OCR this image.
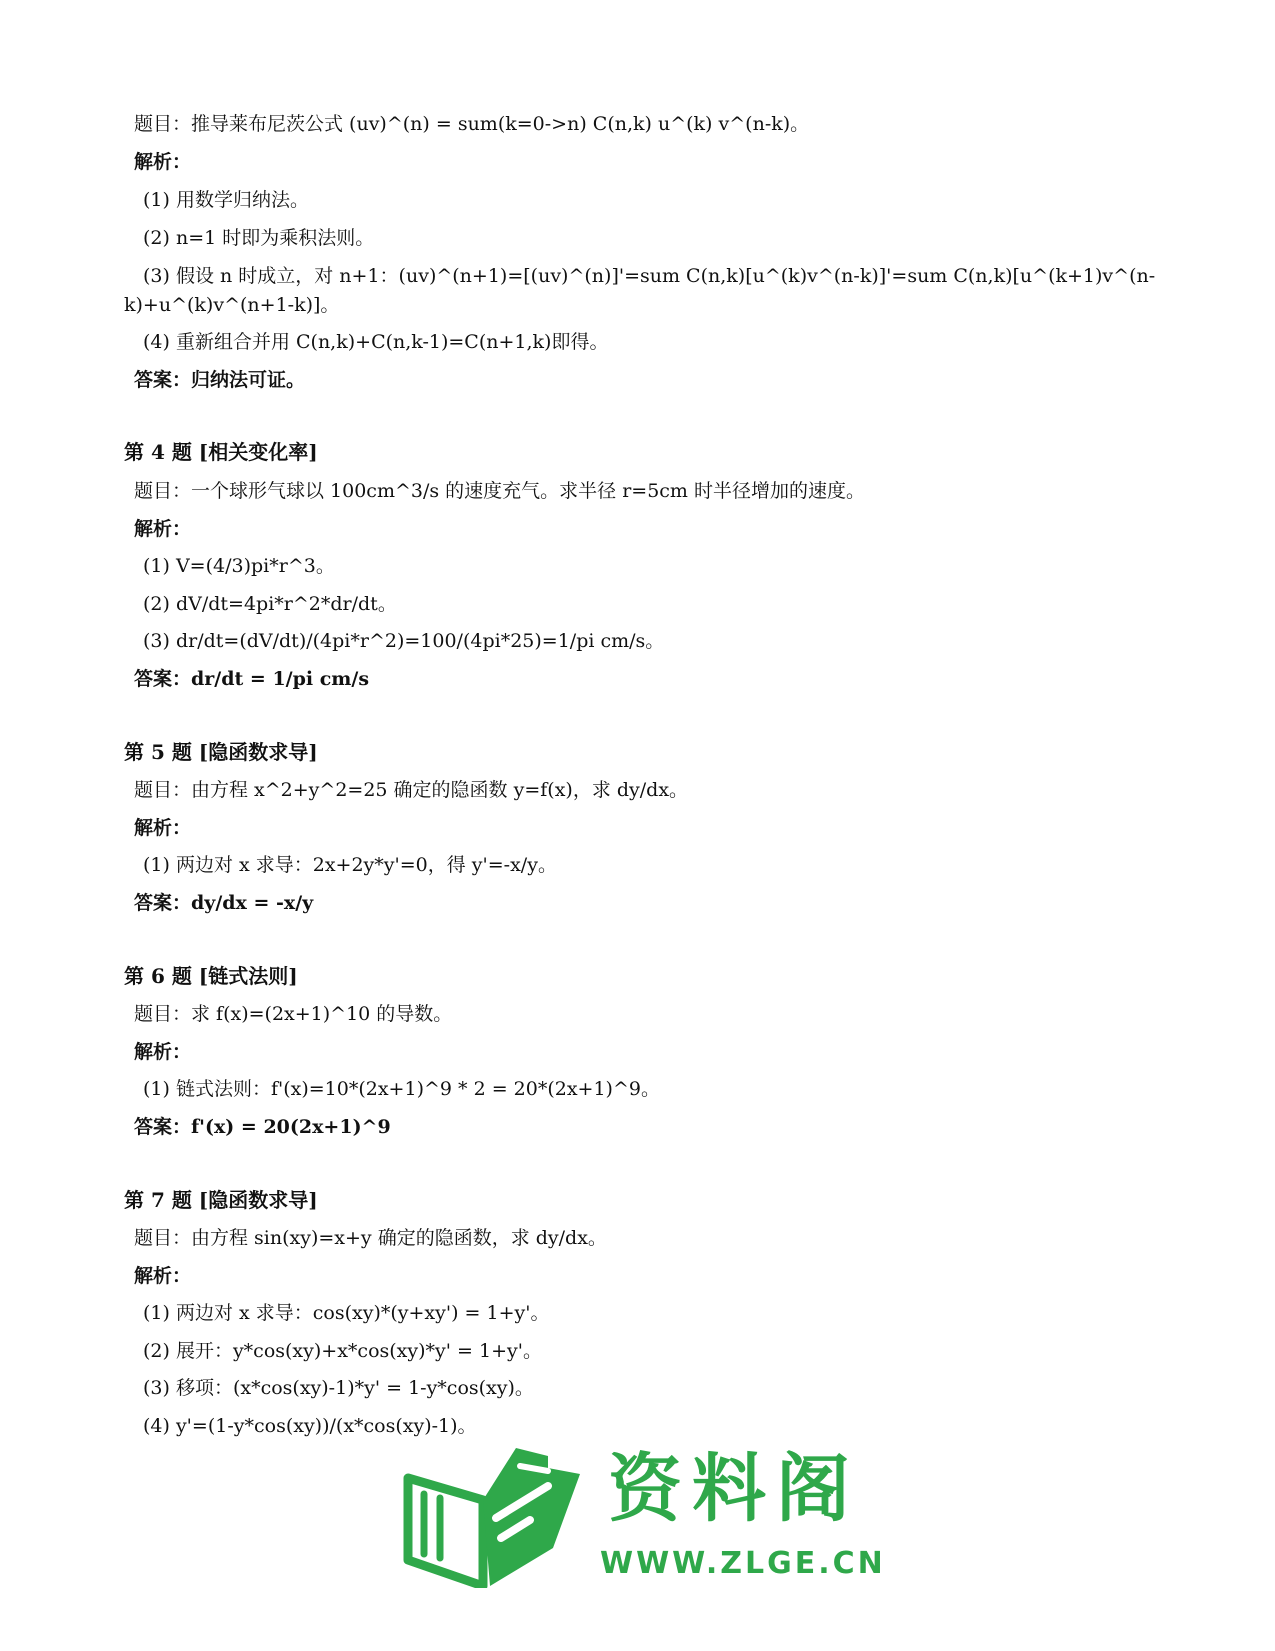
题目：推导莱布尼茨公式 (uv)^(n) = sum(k=0->n) C(n,k) u^(k) v^(n-k)。

解析：

(1) 用数学归纳法。

(2) n=1 时即为乘积法则。

(3) 假设 n 时成立，对 n+1：(uv)^(n+1)=[(uv)^(n)]'=sum C(n,k)[u^(k)v^(n-k)]'=sum C(n,k)[u^(k+1)v^(n-

k)+u^(k)v^(n+1-k)]。

(4) 重新组合并用 C(n,k)+C(n,k-1)=C(n+1,k)即得。

答案：归纳法可证。

第 4 题 [相关变化率]

题目：一个球形气球以 100cm^3/s 的速度充气。求半径 r=5cm 时半径增加的速度。

解析：

(1) V=(4/3)pi*r^3。

(2) dV/dt=4pi*r^2*dr/dt。

(3) dr/dt=(dV/dt)/(4pi*r^2)=100/(4pi*25)=1/pi cm/s。

答案：dr/dt = 1/pi cm/s

第 5 题 [隐函数求导]

题目：由方程 x^2+y^2=25 确定的隐函数 y=f(x)，求 dy/dx。

解析：

(1) 两边对 x 求导：2x+2y*y'=0，得 y'=-x/y。

答案：dy/dx = -x/y

第 6 题 [链式法则]

题目：求 f(x)=(2x+1)^10 的导数。

解析：

(1) 链式法则：f'(x)=10*(2x+1)^9 * 2 = 20*(2x+1)^9。

答案：f'(x) = 20(2x+1)^9

第 7 题 [隐函数求导]

题目：由方程 sin(xy)=x+y 确定的隐函数，求 dy/dx。

解析：

(1) 两边对 x 求导：cos(xy)*(y+xy') = 1+y'。

(2) 展开：y*cos(xy)+x*cos(xy)*y' = 1+y'。

(3) 移项：(x*cos(xy)-1)*y' = 1-y*cos(xy)。

(4) y'=(1-y*cos(xy))/(x*cos(xy)-1)。

资料阁
WWW.ZLGE.CN
